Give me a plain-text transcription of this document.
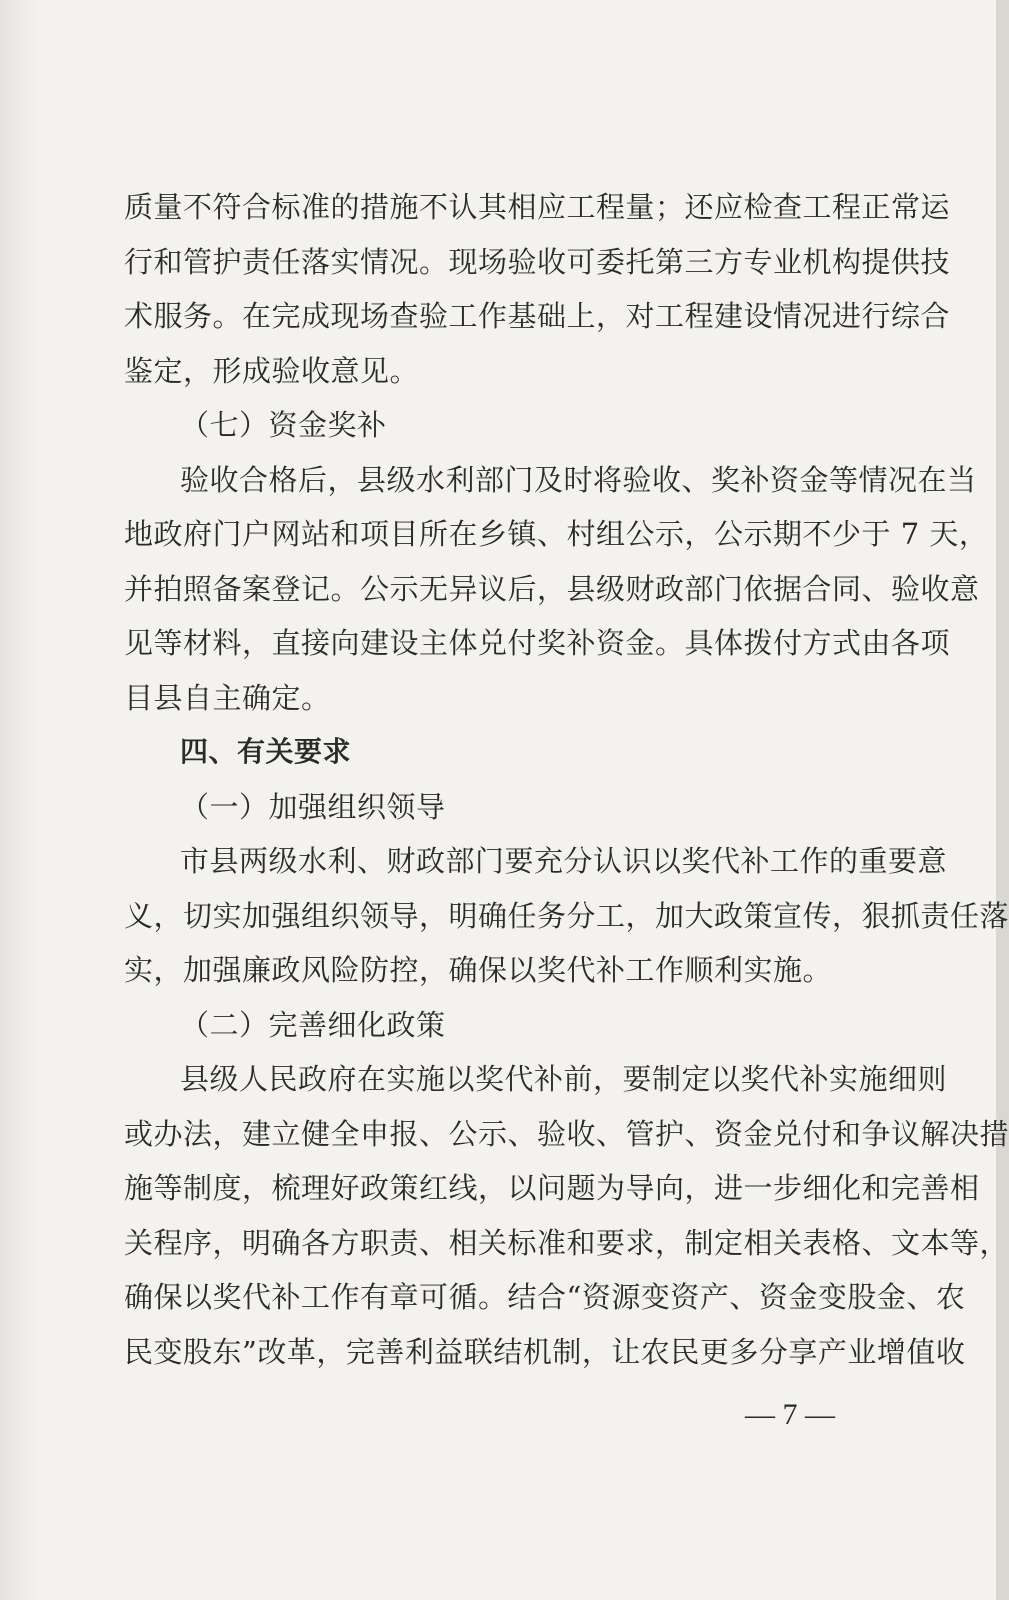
质量不符合标准的措施不认其相应工程量；还应检查工程正常运
行和管护责任落实情况。现场验收可委托第三方专业机构提供技
术服务。在完成现场查验工作基础上，对工程建设情况进行综合
鉴定，形成验收意见。
（七）资金奖补
验收合格后，县级水利部门及时将验收、奖补资金等情况在当
地政府门户网站和项目所在乡镇、村组公示，公示期不少于 7 天，
并拍照备案登记。公示无异议后，县级财政部门依据合同、验收意
见等材料，直接向建设主体兑付奖补资金。具体拨付方式由各项
目县自主确定。
四、有关要求
（一）加强组织领导
市县两级水利、财政部门要充分认识以奖代补工作的重要意
义，切实加强组织领导，明确任务分工，加大政策宣传，狠抓责任落
实，加强廉政风险防控，确保以奖代补工作顺利实施。
（二）完善细化政策
县级人民政府在实施以奖代补前，要制定以奖代补实施细则
或办法，建立健全申报、公示、验收、管护、资金兑付和争议解决措
施等制度，梳理好政策红线，以问题为导向，进一步细化和完善相
关程序，明确各方职责、相关标准和要求，制定相关表格、文本等，
确保以奖代补工作有章可循。结合“资源变资产、资金变股金、农
民变股东”改革，完善利益联结机制，让农民更多分享产业增值收
— 7 —
